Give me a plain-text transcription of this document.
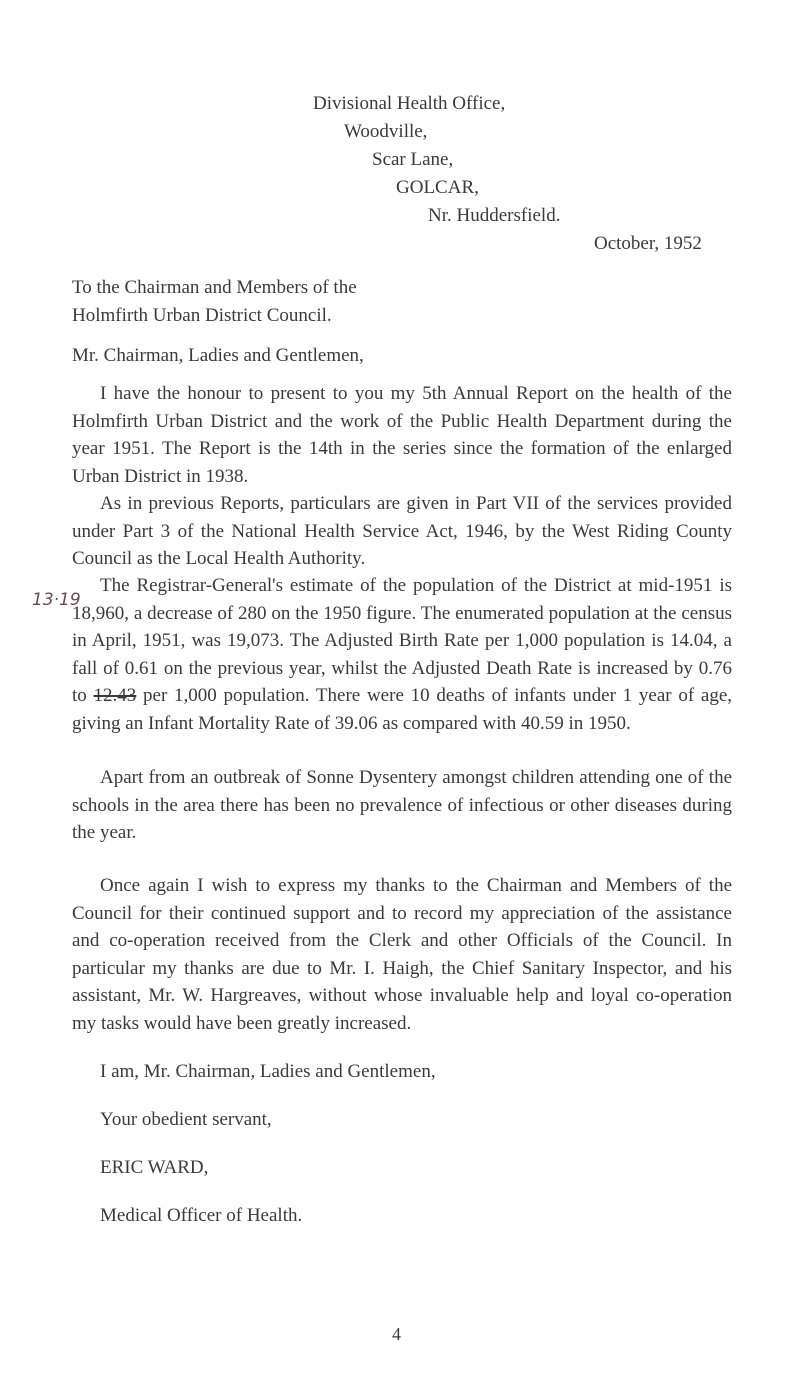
Divisional Health Office,
Woodville,
Scar Lane,
GOLCAR,
Nr. Huddersfield.
October, 1952
To the Chairman and Members of the
Holmfirth Urban District Council.
Mr. Chairman, Ladies and Gentlemen,

I have the honour to present to you my 5th Annual Report on the health of the Holmfirth Urban District and the work of the Public Health Department during the year 1951. The Report is the 14th in the series since the formation of the enlarged Urban District in 1938.

As in previous Reports, particulars are given in Part VII of the services provided under Part 3 of the National Health Service Act, 1946, by the West Riding County Council as the Local Health Authority.

The Registrar-General's estimate of the population of the District at mid-1951 is 18,960, a decrease of 280 on the 1950 figure. The enumerated population at the census in April, 1951, was 19,073. The Adjusted Birth Rate per 1,000 population is 14.04, a fall of 0.61 on the previous year, whilst the Adjusted Death Rate is increased by 0.76 to 12.43 per 1,000 population. There were 10 deaths of infants under 1 year of age, giving an Infant Mortality Rate of 39.06 as compared with 40.59 in 1950.

13·19

Apart from an outbreak of Sonne Dysentery amongst children attending one of the schools in the area there has been no prevalence of infectious or other diseases during the year.

Once again I wish to express my thanks to the Chairman and Members of the Council for their continued support and to record my appreciation of the assistance and co-operation received from the Clerk and other Officials of the Council. In particular my thanks are due to Mr. I. Haigh, the Chief Sanitary Inspector, and his assistant, Mr. W. Hargreaves, without whose invaluable help and loyal co-operation my tasks would have been greatly increased.

I am, Mr. Chairman, Ladies and Gentlemen,
Your obedient servant,
ERIC WARD,
Medical Officer of Health.
4
